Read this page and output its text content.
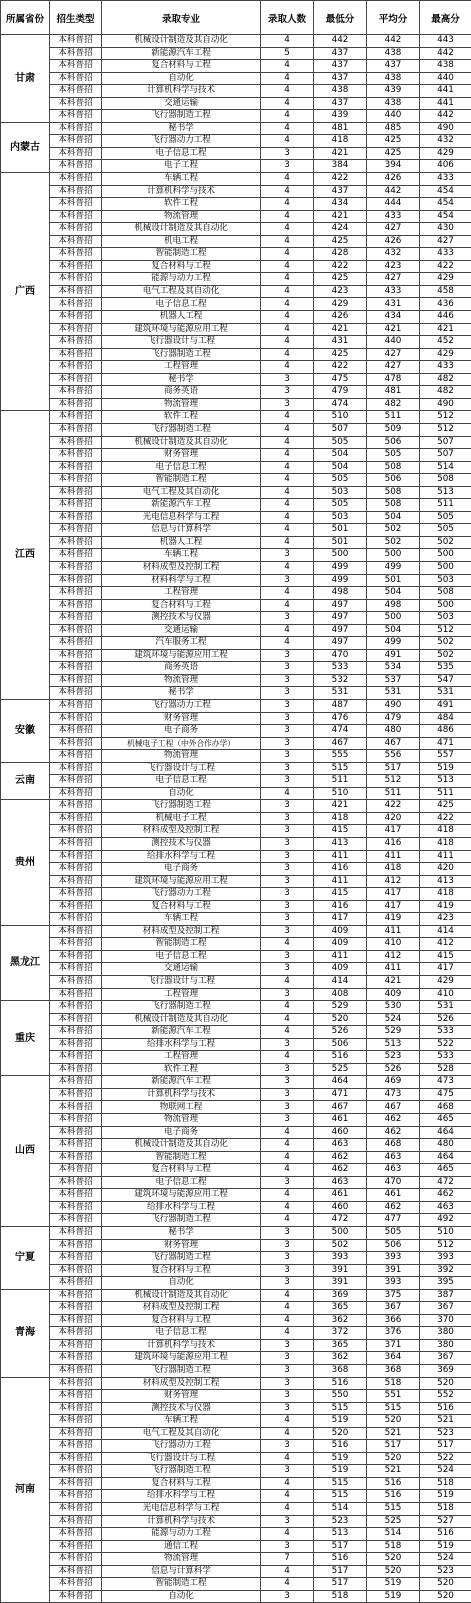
所属省份	招生类型	录取专业	录取人数	最低分	平均分	最高分
甘肃	本科普招	机械设计制造及其自动化	4	442	442	443
	本科普招	新能源汽车工程	5	437	438	442
	本科普招	复合材料与工程	4	437	437	438
	本科普招	自动化	4	437	438	440
	本科普招	计算机科学与技术	4	438	439	441
	本科普招	交通运输	4	437	438	441
	本科普招	飞行器制造工程	4	439	440	442
内蒙古	本科普招	秘书学	4	481	485	490
	本科普招	飞行器动力工程	4	418	425	432
	本科普招	电子信息工程	3	421	425	429
	本科普招	电子工程	3	384	394	406
广西	本科普招	车辆工程	4	422	426	433
	本科普招	计算机科学与技术	4	437	442	454
	本科普招	软件工程	4	434	444	454
	本科普招	物流管理	4	421	433	454
	本科普招	机械设计制造及其自动化	4	424	427	430
	本科普招	机电工程	4	425	426	427
	本科普招	智能制造工程	4	428	432	433
	本科普招	复合材料与工程	4	422	423	422
	本科普招	能源与动力工程	4	425	427	429
	本科普招	电气工程及其自动化	4	423	433	458
	本科普招	电子信息工程	4	429	431	436
	本科普招	机器人工程	4	426	434	446
	本科普招	建筑环境与能源应用工程	4	421	421	421
	本科普招	飞行器设计与工程	4	431	440	452
	本科普招	飞行器制造工程	4	425	427	429
	本科普招	工程管理	4	422	427	433
	本科普招	秘书学	3	475	478	482
	本科普招	商务英语	3	479	481	482
	本科普招	物流管理	3	474	482	490
江西	本科普招	软件工程	4	510	511	512
	本科普招	飞行器制造工程	4	507	509	512
	本科普招	机械设计制造及其自动化	4	505	506	507
	本科普招	财务管理	4	504	505	507
	本科普招	电子信息工程	4	504	508	514
	本科普招	智能制造工程	4	505	506	508
	本科普招	电气工程及其自动化	4	503	508	513
	本科普招	新能源汽车工程	4	505	508	511
	本科普招	光电信息科学与工程	4	503	504	505
	本科普招	信息与计算科学	4	501	502	505
	本科普招	机器人工程	4	501	502	502
	本科普招	车辆工程	3	500	500	500
	本科普招	材料成型及控制工程	4	499	499	500
	本科普招	材料科学与工程	3	499	501	503
	本科普招	工程管理	4	498	504	508
	本科普招	复合材料与工程	4	497	498	500
	本科普招	测控技术与仪器	3	497	500	503
	本科普招	交通运输	4	497	504	512
	本科普招	汽车服务工程	4	497	499	502
	本科普招	建筑环境与能源应用工程	3	470	491	502
	本科普招	商务英语	3	533	534	535
	本科普招	物流管理	3	532	537	547
	本科普招	秘书学	3	531	531	531
安徽	本科普招	飞行器动力工程	3	487	490	491
	本科普招	财务管理	3	476	479	484
	本科普招	电子商务	3	474	480	486
	本科普招	机械电子工程（中外合作办学）	3	467	467	471
	本科普招	物流管理	3	555	556	557
云南	本科普招	飞行器设计与工程	3	515	517	519
	本科普招	电子信息工程	3	511	512	513
	本科普招	自动化	4	510	511	511
贵州	本科普招	飞行器制造工程	3	421	422	425
	本科普招	机械电子工程	3	418	420	422
	本科普招	材料成型及控制工程	3	415	417	418
	本科普招	测控技术与仪器	3	413	416	418
	本科普招	给排水科学与工程	3	411	411	411
	本科普招	电子商务	3	416	418	420
	本科普招	建筑环境与能源应用工程	3	411	412	413
	本科普招	飞行器动力工程	3	415	417	418
	本科普招	复合材料与工程	3	416	417	419
	本科普招	车辆工程	3	417	419	423
黑龙江	本科普招	材料成型及控制工程	3	409	411	414
	本科普招	智能制造工程	4	409	410	412
	本科普招	电子信息工程	3	411	412	415
	本科普招	交通运输	3	409	411	417
	本科普招	飞行器设计与工程	4	414	421	429
	本科普招	工程管理	3	408	409	410
重庆	本科普招	飞行器制造工程	4	529	530	531
	本科普招	机械设计制造及其自动化	4	520	524	526
	本科普招	新能源汽车工程	4	526	529	533
	本科普招	给排水科学与工程	3	506	513	522
	本科普招	工程管理	4	516	523	533
	本科普招	软件工程	3	525	526	528
山西	本科普招	新能源汽车工程	3	464	469	473
	本科普招	计算机科学与技术	3	471	473	475
	本科普招	物联网工程	3	467	467	468
	本科普招	物流管理	3	461	462	465
	本科普招	电子商务	4	460	462	464
	本科普招	机械设计制造及其自动化	4	463	468	480
	本科普招	智能制造工程	4	462	463	464
	本科普招	复合材料与工程	4	462	463	465
	本科普招	电子信息工程	3	463	470	472
	本科普招	建筑环境与能源应用工程	4	461	461	462
	本科普招	给排水科学与工程	4	460	462	463
	本科普招	飞行器制造工程	4	472	477	492
宁夏	本科普招	秘书学	3	500	505	510
	本科普招	财务管理	3	502	506	512
	本科普招	飞行器制造工程	3	393	393	393
	本科普招	复合材料与工程	3	391	391	392
	本科普招	自动化	3	391	393	395
青海	本科普招	机械设计制造及其自动化	4	369	375	387
	本科普招	材料成型及控制工程	4	365	367	367
	本科普招	复合材料与工程	4	362	366	370
	本科普招	电子信息工程	4	372	376	380
	本科普招	计算机科学与技术	3	365	371	380
	本科普招	建筑环境与能源应用工程	3	362	364	367
	本科普招	飞行器制造工程	3	368	368	369
河南	本科普招	材料成型及控制工程	3	516	518	520
	本科普招	财务管理	3	550	551	552
	本科普招	测控技术与仪器	3	515	515	516
	本科普招	车辆工程	4	519	520	521
	本科普招	电气工程及其自动化	4	520	521	523
	本科普招	飞行器动力工程	3	516	517	517
	本科普招	飞行器设计与工程	4	519	520	522
	本科普招	飞行器制造工程	3	519	521	524
	本科普招	复合材料与工程	4	515	516	518
	本科普招	给排水科学与工程	4	515	516	519
	本科普招	光电信息科学与工程	4	514	515	518
	本科普招	计算机科学与技术	3	523	525	527
	本科普招	能源与动力工程	4	513	514	516
	本科普招	通信工程	3	517	518	519
	本科普招	物流管理	7	516	520	524
	本科普招	信息与计算科学	4	517	520	523
	本科普招	智能制造工程	4	517	519	520
	本科普招	自动化	3	518	519	520
